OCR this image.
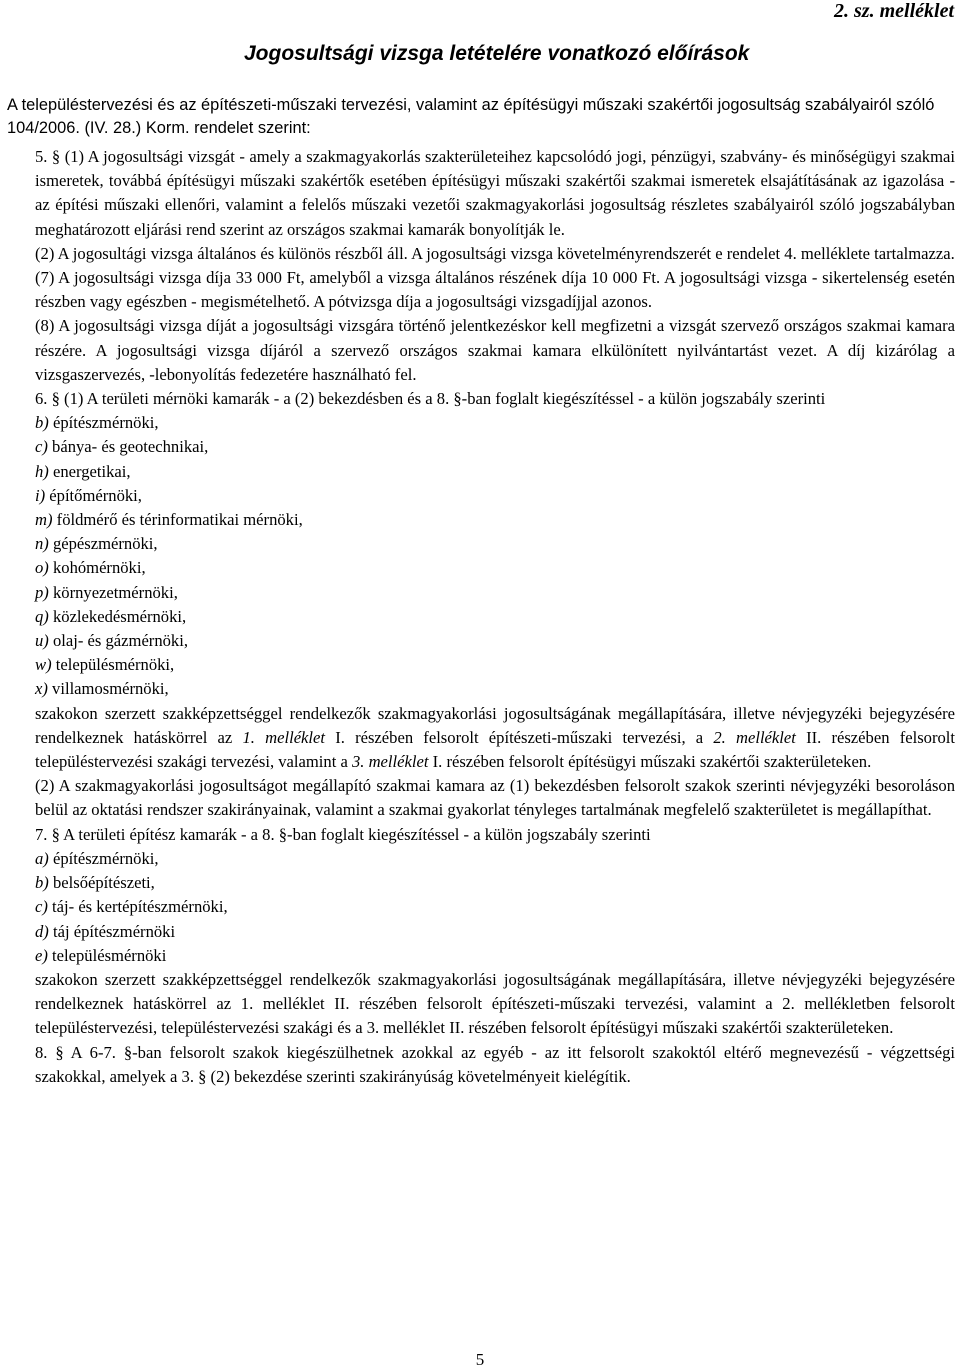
2. sz. melléklet
Jogosultsági vizsga letételére vonatkozó előírások

A településtervezési és az építészeti-műszaki tervezési, valamint az építésügyi műszaki szakértői jogosultság szabályairól szóló 104/2006. (IV. 28.) Korm. rendelet szerint:

5. § (1) A jogosultsági vizsgát - amely a szakmagyakorlás szakterületeihez kapcsolódó jogi, pénzügyi, szabvány- és minőségügyi szakmai ismeretek, továbbá építésügyi műszaki szakértők esetében építésügyi műszaki szakértői szakmai ismeretek elsajátításának az igazolása - az építési műszaki ellenőri, valamint a felelős műszaki vezetői szakmagyakorlási jogosultság részletes szabályairól szóló jogszabályban meghatározott eljárási rend szerint az országos szakmai kamarák bonyolítják le.

(2) A jogosultági vizsga általános és különös részből áll. A jogosultsági vizsga követelményrendszerét e rendelet 4. melléklete tartalmazza.

(7) A jogosultsági vizsga díja 33 000 Ft, amelyből a vizsga általános részének díja 10 000 Ft. A jogosultsági vizsga - sikertelenség esetén részben vagy egészben - megismételhető. A pótvizsga díja a jogosultsági vizsgadíjjal azonos.

(8) A jogosultsági vizsga díját a jogosultsági vizsgára történő jelentkezéskor kell megfizetni a vizsgát szervező országos szakmai kamara részére. A jogosultsági vizsga díjáról a szervező országos szakmai kamara elkülönített nyilvántartást vezet. A díj kizárólag a vizsgaszervezés, -lebonyolítás fedezetére használható fel.

6. § (1) A területi mérnöki kamarák - a (2) bekezdésben és a 8. §-ban foglalt kiegészítéssel - a külön jogszabály szerinti

b) építészmérnöki,
c) bánya- és geotechnikai,
h) energetikai,
i) építőmérnöki,
m) földmérő és térinformatikai mérnöki,
n) gépészmérnöki,
o) kohómérnöki,
p) környezetmérnöki,
q) közlekedésmérnöki,
u) olaj- és gázmérnöki,
w) településmérnöki,
x) villamosmérnöki,

szakokon szerzett szakképzettséggel rendelkezők szakmagyakorlási jogosultságának megállapítására, illetve névjegyzéki bejegyzésére rendelkeznek hatáskörrel az 1. melléklet I. részében felsorolt építészeti-műszaki tervezési, a 2. melléklet II. részében felsorolt településtervezési szakági tervezési, valamint a 3. melléklet I. részében felsorolt építésügyi műszaki szakértői szakterületeken.

(2) A szakmagyakorlási jogosultságot megállapító szakmai kamara az (1) bekezdésben felsorolt szakok szerinti névjegyzéki besoroláson belül az oktatási rendszer szakirányainak, valamint a szakmai gyakorlat tényleges tartalmának megfelelő szakterületet is megállapíthat.

7. § A területi építész kamarák - a 8. §-ban foglalt kiegészítéssel - a külön jogszabály szerinti

a) építészmérnöki,
b) belsőépítészeti,
c) táj- és kertépítészmérnöki,
d) táj építészmérnöki
e) településmérnöki

szakokon szerzett szakképzettséggel rendelkezők szakmagyakorlási jogosultságának megállapítására, illetve névjegyzéki bejegyzésére rendelkeznek hatáskörrel az 1. melléklet II. részében felsorolt építészeti-műszaki tervezési, valamint a 2. mellékletben felsorolt településtervezési, településtervezési szakági és a 3. melléklet II. részében felsorolt építésügyi műszaki szakértői szakterületeken.

8. § A 6-7. §-ban felsorolt szakok kiegészülhetnek azokkal az egyéb - az itt felsorolt szakoktól eltérő megnevezésű - végzettségi szakokkal, amelyek a 3. § (2) bekezdése szerinti szakirányúság követelményeit kielégítik.

5
